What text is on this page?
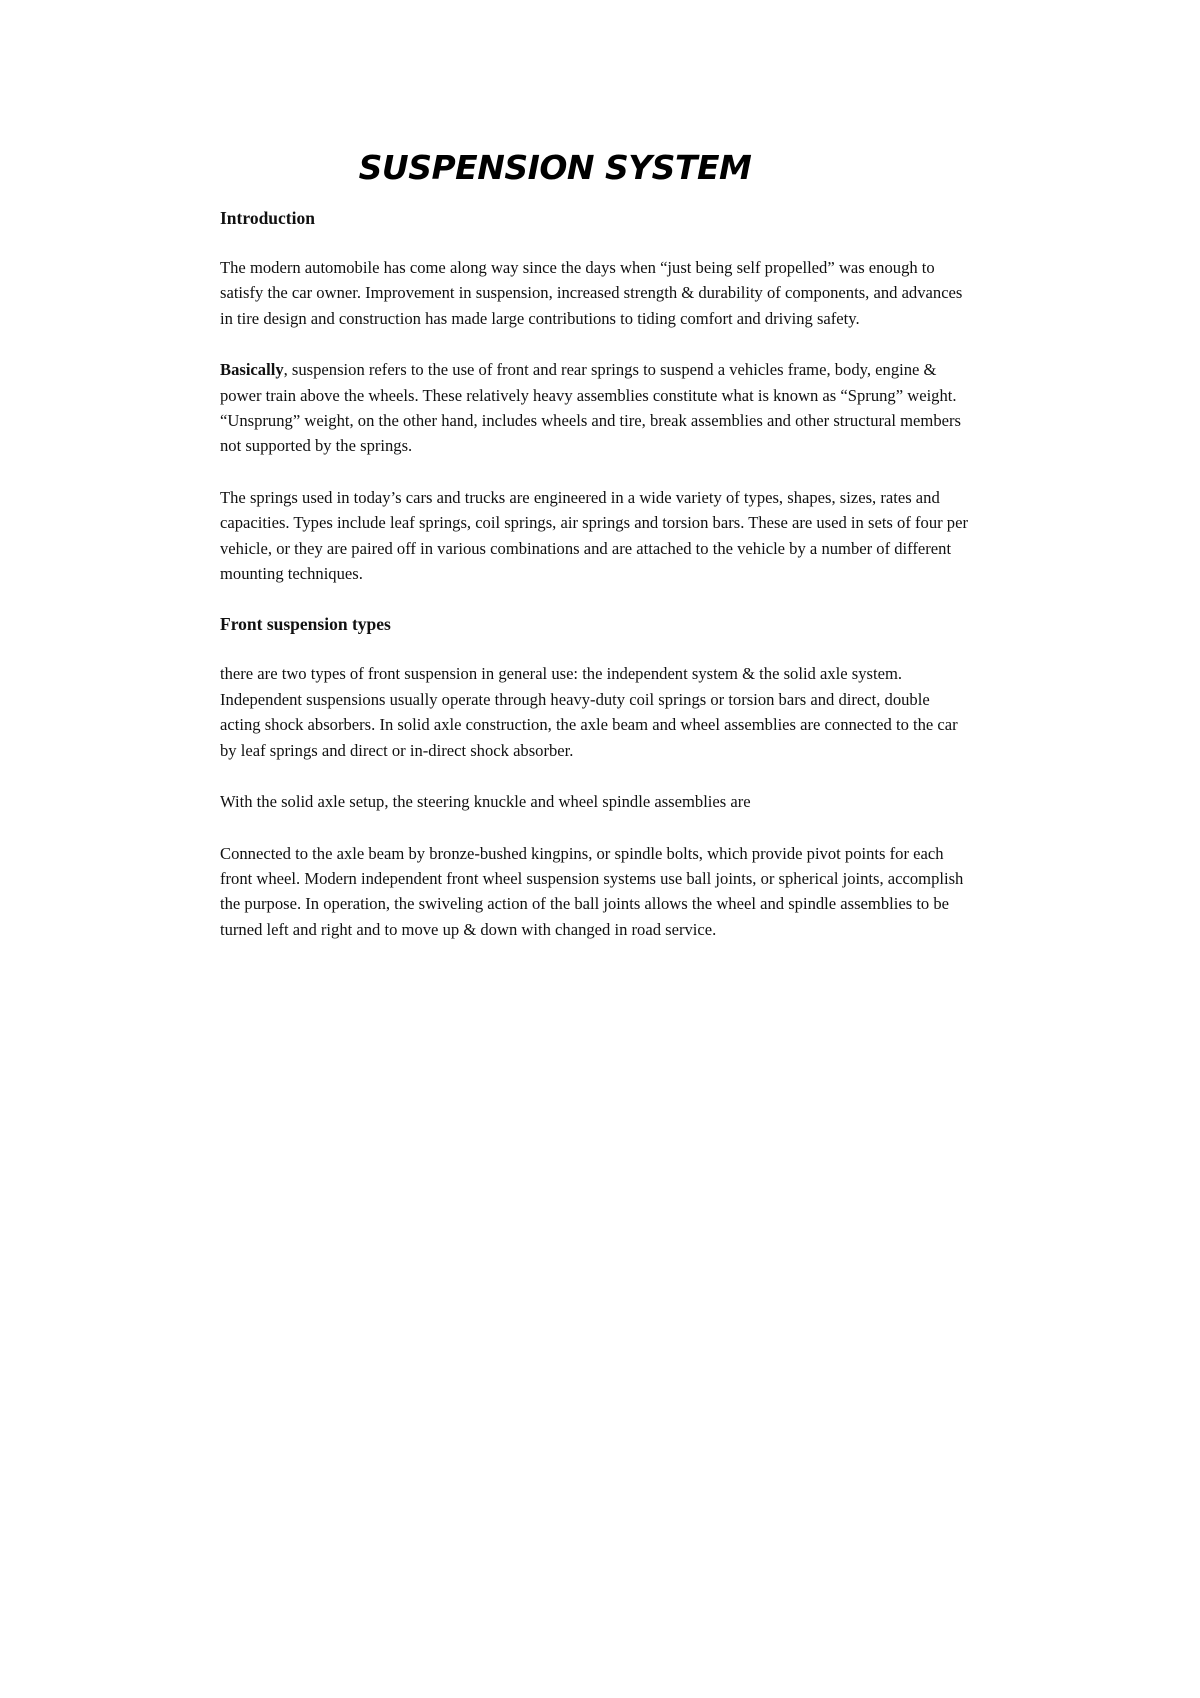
SUSPENSION SYSTEM
Introduction

The modern automobile has come along way since the days when “just being self propelled” was enough to satisfy the car owner. Improvement in suspension, increased strength & durability of components, and advances in tire design and construction has made large contributions to tiding comfort and driving safety.

Basically, suspension refers to the use of front and rear springs to suspend a vehicles frame, body, engine & power train above the wheels. These relatively heavy assemblies constitute what is known as “Sprung” weight. “Unsprung” weight, on the other hand, includes wheels and tire, break assemblies and other structural members not supported by the springs.

The springs used in today’s cars and trucks are engineered in a wide variety of types, shapes, sizes, rates and capacities. Types include leaf springs, coil springs, air springs and torsion bars. These are used in sets of four per vehicle, or they are paired off in various combinations and are attached to the vehicle by a number of different mounting techniques.

Front suspension types

there are two types of front suspension in general use: the independent system & the solid axle system. Independent suspensions usually operate through heavy-duty coil springs or torsion bars and direct, double acting shock absorbers. In solid axle construction, the axle beam and wheel assemblies are connected to the car by leaf springs and direct or in-direct shock absorber.

With the solid axle setup, the steering knuckle and wheel spindle assemblies are

Connected to the axle beam by bronze-bushed kingpins, or spindle bolts, which provide pivot points for each front wheel. Modern independent front wheel suspension systems use ball joints, or spherical joints, accomplish the purpose. In operation, the swiveling action of the ball joints allows the wheel and spindle assemblies to be turned left and right and to move up & down with changed in road service.
